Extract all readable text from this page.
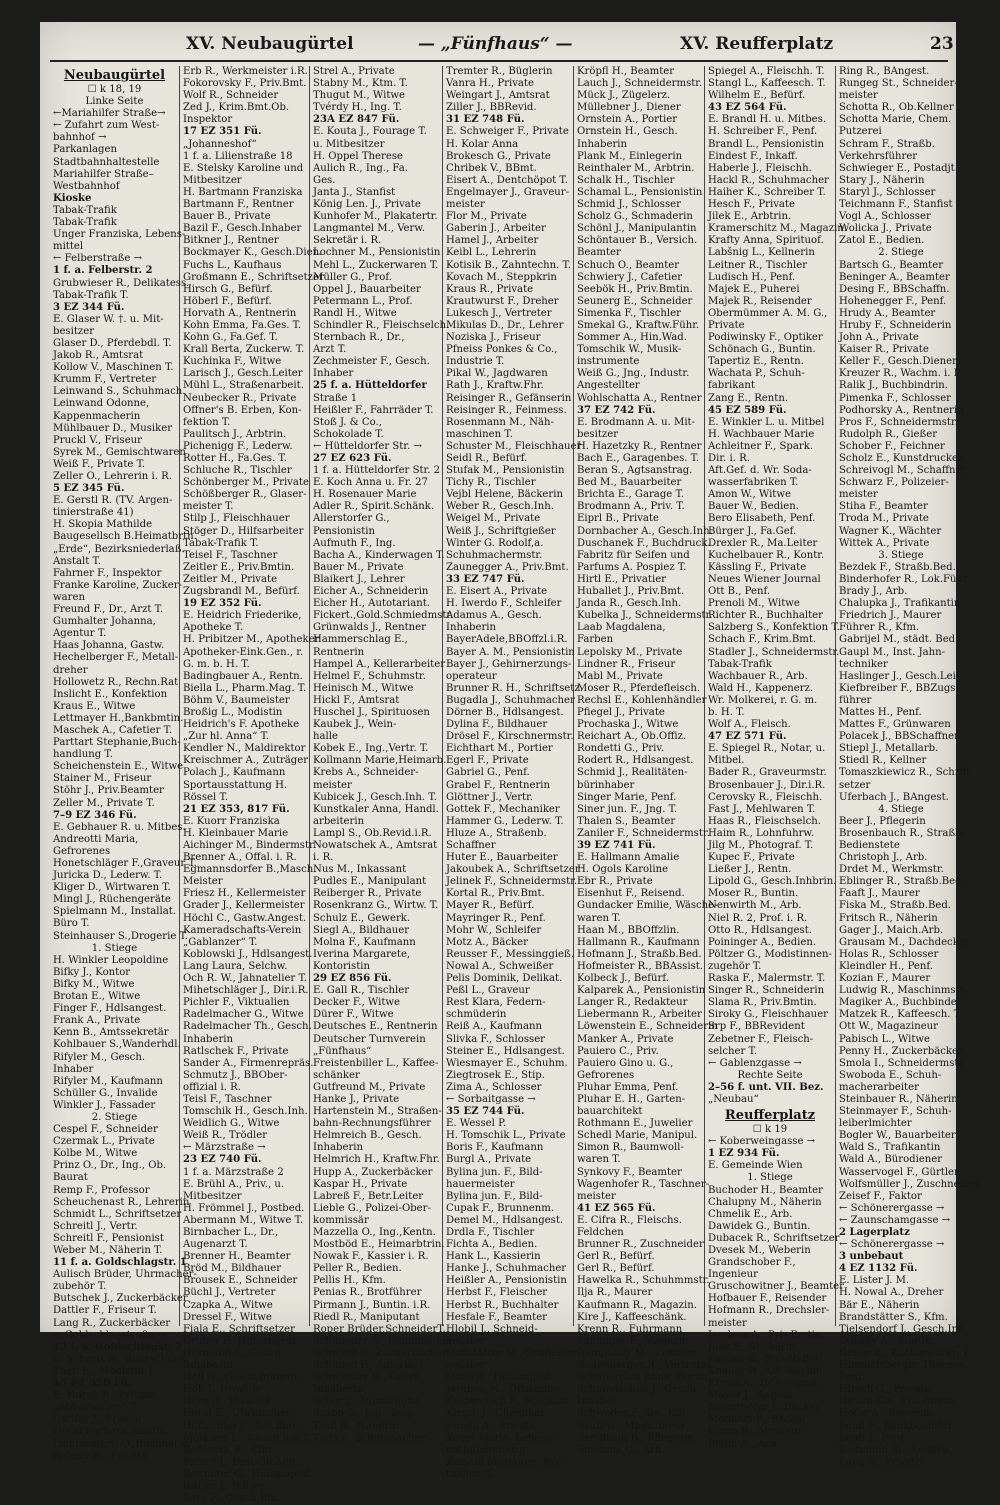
XV. Neubaugürtel	— „Fünfhaus“ —	XV. Reufferplatz	23
Neubaugürtel
☐ k 18, 19
Linke Seite
←Mariahilfer Straße→
← Zufahrt zum West-
bahnhof →
Parkanlagen
Stadtbahnhaltestelle
Mariahilfer Straße–
Westbahnhof
Kioske
Tabak-Trafik
Tabak-Trafik
Unger Franziska, Lebens-
mittel
← Felberstraße →
1 f. a. Felberstr. 2
Grubwieser R., Delikatess.
Tabak-Trafik T.
3 EZ 344 Fü.
E. Glaser W. †. u. Mit-
besitzer
Glaser D., Pferdebdl. T.
Jakob R., Amtsrat
Kollow V., Maschinen T.
Krumm F., Vertreter
Leinwand S., Schuhmach.
Leinwand Odonne,
Kappenmacherin
Mühlbauer D., Musiker
Pruckl V., Friseur
Syrek M., Gemischtwaren
Weiß F., Private T.
Zeller O., Lehrerin i. R.
5 EZ 345 Fü.
E. Gerstl R. (TV. Argen-
tinierstraße 41)
H. Skopia Mathilde
Baugesellsch B.Heimatbrtn.
„Erde“, Bezirksniederlaß.
Anstalt T.
Fahrner F., Inspektor
Franke Karoline, Zucker-
waren
Freund F., Dr., Arzt T.
Gumhalter Johanna,
Agentur T.
Haas Johanna, Gastw.
Hechelberger F., Metall-
dreher
Hollowetz R., Rechn.Rat
Inslicht E., Konfektion
Kraus E., Witwe
Lettmayer H.,Bankbmtin.
Maschek A., Cafetier T.
Parttart Stephanie,Buch-
handlung T.
Scheichenstein E., Witwe
Stainer M., Friseur
Stöhr J., Priv.Beamter
Zeller M., Private T.
7–9 EZ 346 Fü.
E. Gebhauer R. u. Mitbes.
Andreotti Maria,
Gefrorenes
Honetschläger F.,Graveur T.
Juricka D., Lederw. T.
Kliger D., Wirtwaren T.
Mingl J., Rüchengeräte
Spielmann M., Installat.
Büro T.
Steinhauser S.,Drogerie T.
1. Stiege
H. Winkler Leopoldine
Bifky J., Kontor
Bifky M., Witwe
Brotan E., Witwe
Finger F., Hdlsangest.
Frank A., Private
Kenn B., Amtssekretär
Kohlbauer S.,Wanderhdl.
Rifyler M., Gesch.
Inhaber
Rifyler M., Kaufmann
Schüller G., Invalide
Winkler J., Fassader
2. Stiege
Cespel F., Schneider
Czermak L., Private
Kolbe M., Witwe
Prinz O., Dr., Ing., Ob.
Baurat
Remp F., Professor
Scheuchenast R., Lehrerin
Schmidt L., Schriftsetzer
Schreitl J., Vertr.
Schreitl F., Pensionist
Weber M., Näherin T.
11 f. a. Goldschlagstr. 1
Aulisch Brüder, Uhrmacher-
zubehör T.
Butschek J., Zuckerbäcker
Dattler F., Friseur T.
Lang R., Zuckerbäcker
← Goldschlagstraße →
13 f. a. Goldschlagst. 2
E. Schrott A., Rohrschenk.
Then E., Modistin T.
15 EZ 350 Fü.
E. Horak R., Private
„Abbaziakino“ T.
Dattler J., Friseur
Horal Barbara, Gastw.
Lichtenstern O.,Buchhalter
Rohner R., Private
Erb R., Werkmeister i.R.
Fokorovsky F., Priv.Bmt.
Wolf R., Schneider
Zed J., Krim.Bmt.Ob.
Inspektor
17 EZ 351 Fü.
„Johanneshof“
1 f. a. Lilienstraße 18
E. Stelsky Karoline und
Mitbesitzer
H. Bartmann Franziska
Bartmann F., Rentner
Bauer B., Private
Bazil F., Gesch.Inhaber
Bitkner J., Rentner
Bockmayer K., Gesch.Dien.
Fuchs L., Kaufhaus
Großmann E., Schriftsetzer
Hirsch G., Befürf.
Höberl F., Befürf.
Horvath A., Rentnerin
Kohn Emma, Fa.Ges. T.
Kohn G., Fa.Gef. T.
Krall Berta, Zuckerw. T.
Kuchinka F., Witwe
Larisch J., Gesch.Leiter
Mühl L., Straßenarbeit.
Neubecker R., Private
Offner's B. Erben, Kon-
fektion T.
Paulitsch J., Arbtrin.
Pichenigg F., Lederw.
Rotter H., Fa.Ges. T.
Schluche R., Tischler
Schönberger M., Private
Schößberger R., Glaser-
meister T.
Stilp J., Fleischhauer
Stöger D., Hilfsarbeiter
Tabak-Trafik T.
Teisel F., Taschner
Zeitler E., Priv.Bmtin.
Zeitler M., Private
Zugsbrandl M., Befürf.
19 EZ 352 Fü.
E. Heidrich Friederike,
Apotheke T.
H. Pribitzer M., Apotheker
Apotheker-Eink.Gen., r.
G. m. b. H. T.
Badingbauer A., Rentn.
Biella L., Pharm.Mag. T.
Böhm V., Baumeister
Broßig L., Modistin
Heidrich's F. Apotheke
„Zur hl. Anna“ T.
Kendler N., Maldirektor
Kreischmer A., Zuträger
Polach J., Kaufmann
Sportausstattung H.
Rössel T.
21 EZ 353, 817 Fü.
E. Kuorr Franziska
H. Kleinbauer Marie
Aichinger M., Bindermstr.
Brenner A., Offal. i. R.
Egmannsdorfer B.,Masch.
Meister
Friesz H., Kellermeister
Grader J., Kellermeister
Höchl C., Gastw.Angest.
Kameradschafts-Verein
„Gablanzer“ T.
Koblowski J., Hdlsangest.
Lang Laura, Selchw.
Och R. W., Jahnatelier T.
Mihetschläger J., Dir.i.R.
Pichler F., Viktualien
Radelmacher G., Witwe
Radelmacher Th., Gesch.
Inhaberin
Ratlschek F., Private
Sander A., Firmenrepräs.
Schmutz J., BBOber-
offizial i. R.
Teisl F., Taschner
Tomschik H., Gesch.Inh.
Weidlich G., Witwe
Weiß R., Trödler
← Märzstraße →
23 EZ 740 Fü.
1 f. a. Märzstraße 2
E. Brühl A., Priv., u.
Mitbesitzer
H. Frömmel J., Postbed.
Abermann M., Witwe T.
Birnbacher L., Dr.,
Augenarzt T.
Brenner H., Beamter
Bröd M., Bildhauer
Brousek E., Schneider
Büchl J., Vertreter
Czapka A., Witwe
Dressel F., Witwe
Fiala E., Schriftsetzer
Gruber F., Hdlsangest.
Hermann F., Gesch.
Inhaberin
Holl A., Gesch.Inhbrin.
Holl J., Invalide
Horn A., Invalide
Horal E., Uhrmacher
Hofbichler J., Tab.Bmt.
Malawer L., Gesch.Inh.T.
Roßleska R., Kfm.
Patera J., Post-Ob.Adjt.
Reithofer G., Hdlsangest.
Rittler J., Witwe
Sora F., Gesch.Inh.
Strel A., Private
Stabny M., Ktm. T.
Thugut M., Witwe
Tvérdy H., Ing. T.
23A EZ 847 Fü.
E. Kouta J., Fourage T.
u. Mitbesitzer
H. Oppel Therese
Aulich R., Ing., Fa.
Ges.
Janta J., Stanfist
König Len. J., Private
Kunhofer M., Plakatertr.
Langmantel M., Verw.
Sekretär i. R.
Lochner M., Pensionistin
Mehl L., Zuckerwaren T.
Müller G., Prof.
Oppel J., Bauarbeiter
Petermann L., Prof.
Randl H., Witwe
Schindler R., Fleischselch.
Sternbach R., Dr.,
Arzt T.
Zechmeister F., Gesch.
Inhaber
25 f. a. Hütteldorfer
Straße 1
Heißler F., Fahrräder T.
Stoß J. & Co.,
Schokolade T.
← Hütteldorfer Str. →
27 EZ 623 Fü.
1 f. a. Hütteldorfer Str. 2
E. Koch Anna u. Fr. 27
H. Rosenauer Marie
Adler R., Spirit.Schänk.
Allerstorfer G.,
Pensionistin
Aufmuth F., Ing.
Bacha A., Kinderwagen T.
Bauer M., Private
Blaikert J., Lehrer
Eicher A., Schneiderin
Eicher H., Autotariant.
Fickert.,Gold.Schmiedmstr.
Grünwalds J., Rentner
Hammerschlag E.,
Rentnerin
Hampel A., Kellerarbeiter
Helmel F., Schuhmstr.
Heinisch M., Witwe
Hickl F., Amtsrat
Huschel J., Spirituosen
Kaubek J., Wein-
halle
Kobek E., Ing.,Vertr. T.
Kollmann Marie,Heimarb.
Krebs A., Schneider-
meister
Kubicek J., Gesch.Inh. T.
Kunstkaler Anna, Handl.
arbeiterin
Lampl S., Ob.Revid.i.R.
Nowatschek A., Amtsrat
i. R.
Nus M., Inkassant
Pudles E., Manipulant
Reiberger R., Private
Rosenkranz G., Wirtw. T.
Schulz E., Gewerk.
Siegl A., Bildhauer
Molna F., Kaufmann
Iverina Margarete,
Kontoristin
29 EZ 856 Fü.
E. Gall R., Tischler
Decker F., Witwe
Dürer F., Witwe
Deutsches E., Rentnerin
Deutscher Turnverein
„Fünfhaus“
Freistenbiller L., Kaffee-
schänker
Gutfreund M., Private
Hanke J., Private
Hartenstein M., Straßen-
bahn-Rechnungsführer
Helmreich B., Gesch.
Inhaberin
Helmrich H., Kraftw.Fhr.
Hupp A., Zuckerbäcker
Kaspar H., Private
Labreß F., Betr.Leiter
Lieble G., Polizei-Ober-
kommissär
Mazzella O., Ing.,Kentn.
Mostböd E., Heimarbtrin.
Nowak F., Kassier i. R.
Peller R., Bedien.
Pellis H., Kfm.
Penias R., Brotführer
Pirmann J., Buntin. i.R.
Riedl R., Maniputant
Roper Brüder,SchneiderT.
Schmieder A., Bandmacher
Schmied F., Zuckerbäcker
Schmied F., Autoriker
Schmieder W., Gesch.
Inhaberin
Schor J., Turnschuhe
Szabo O., Jug., Insp.
Tasil R., Näherin
Tiefa J., Schuhmacher
Tremter R., Büglerin
Vanra H., Private
Weingart J., Amtsrat
Ziller J., BBRevid.
31 EZ 748 Fü.
E. Schweiger F., Private
H. Kolar Anna
Brokesch G., Private
Chribek V., BBmt.
Eisert A., Dentchöpot T.
Engelmayer J., Graveur-
meister
Flor M., Private
Gaberin J., Arbeiter
Hamel J., Arbeiter
Keibl L., Lehrerin
Kotisik B., Zahntechn. T.
Kovach M., Steppkrin
Kraus R., Private
Krautwurst F., Dreher
Lukesch J., Vertreter
Mikulas D., Dr., Lehrer
Noziska J., Friseur
Pfneiss Ponkes & Co.,
Industrie T.
Pikal W., Jagdwaren
Rath J., Kraftw.Fhr.
Reisinger R., Gefänserin
Reisinger R., Feinmess.
Rosenmann M., Näh-
maschinen T.
Schuster M., Fleischhauer
Seidl R., Befürf.
Stufak M., Pensionistin
Tichy R., Tischler
Vejbl Helene, Bäckerin
Weber R., Gesch.Inh.
Weigel M., Private
Weiß J., Schriftgießer
Winter G. Rodolf,a.
Schuhmachermstr.
Zaunegger A., Priv.Bmt.
33 EZ 747 Fü.
E. Eisert A., Private
H. Iwerdo F., Schleifer
Adamus A., Gesch.
Inhaberin
BayerAdele,BBOffzl.i.R.
Bayer A. M., Pensionistin
Bayer J., Gehirnerzungs-
operateur
Brunner R. H., Schriftsetz.
Bugadla J., Schuhmacher
Dörner B., Hdlsangest.
Dylina F., Bildhauer
Drösel F., Kirschnermstr.
Eichthart M., Portier
Egerl F., Private
Gabriel G., Penf.
Grabel F., Rentnerin
Glöttner J., Vertr.
Gottek F., Mechaniker
Hammer G., Lederw. T.
Hluze A., Straßenb.
Schaffner
Huter E., Bauarbeiter
Jakoubek A., Schriftsetzer
Jelinek F., Schneidermstr.
Kortal R., Priv.Bmt.
Mayer R., Befürf.
Mayringer R., Penf.
Mohr W., Schleifer
Motz A., Bäcker
Reusser F., Messinggieß.
Nowal A., Schweißer
Pelis Dominik, Delikat.
Peßl L., Graveur
Rest Klara, Federn-
schmüderin
Reiß A., Kaufmann
Slivka F., Schlosser
Steiner E., Hdlsangest.
Wiesmayer E., Schuhm.
Ziegtrosek E., Stip.
Zima A., Schlosser
← Sorbaitgasse →
35 EZ 744 Fü.
E. Wessel P.
H. Tomschik L., Private
Boris F., Kaufmann
Burgl A., Private
Bylina jun. F., Bild-
hauermeister
Bylina jun. F., Bild-
Cupak F., Brunnenm.
Demel M., Hdlsangest.
Drdla F., Tischler
Fichta A., Bedien.
Hank L., Kassierin
Hanke J., Schuhmacher
Heißler A., Pensionistin
Herbst F., Fleischer
Herbst R., Buchhalter
Hesfale F., Beamter
Hlobil J., Schneid-
meister
Hoffstätter M., Schneider-
meister
Höne A., Hdlsangest.
Jerabek M., Orbamme
Keiderelsch F., Magazin.
Kirsch J., Chemiker
Kmehl A., Private
Kögel Marie, Lebens-
mittelhändlerin
Kotschi Marianne, Bik-
tualien T.
Kröpfl H., Beamter
Lauch J., Schneidermstr.
Mück J., Zügelerz.
Müllebner J., Diener
Ornstein A., Portier
Ornstein H., Gesch.
Inhaberin
Plank M., Einlegerin
Reinthaler M., Arbtrin.
Schalk H., Tischler
Schamal L., Pensionistin
Schmid J., Schlosser
Scholz G., Schmaderin
Schönl J., Manipulantin
Schöntauer B., Versich.
Beamter
Schuch O., Beamter
Schwiery J., Cafetier
Seebök H., Priv.Bmtin.
Seunerg E., Schneider
Simenka F., Tischler
Smekal G., Kraftw.Führ.
Sommer A., Hin.Wad.
Tomschik W., Musik-
instrumente
Weiß G., Jng., Industr.
Angestellter
Wohlschatta A., Rentner
37 EZ 742 Fü.
E. Brodmann A. u. Mit-
besitzer
H. Hazetzky R., Rentner
Bach E., Garagenbes. T.
Beran S., Agtsanstrag.
Bed M., Bauarbeiter
Brichta E., Garage T.
Brodmann A., Priv. T.
Eiprl B., Private
Dornbacher A., Gesch.Inh.
Duschanek F., Buchdruck.
Fabritz für Seifen und
Parfums A. Pospiez T.
Hirtl E., Privatier
Huballet J., Priv.Bmt.
Janda R., Gesch.Inh.
Kubelka J., Schneidermstr.
Laab Magdalena,
Farben
Lepolsky M., Private
Lindner R., Friseur
Mabl M., Private
Moser R., Pferdefleisch.
Rechsl E., Kohlenhändler
Pfiegel J., Private
Prochaska J., Witwe
Reichart A., Ob.Offiz.
Rondetti G., Priv.
Rodert R., Hdlsangest.
Schmid J., Realitäten-
bürinhaber
Singer Marie, Penf.
Siner jun. F., Jng. T.
Thalen S., Beamter
Zaniler F., Schneidermstr.
39 EZ 741 Fü.
E. Hallmann Amalie
H. Ogols Karoline
Ebr R., Private
Eisenhut F., Reisend.
Gundacker Emilie, Wäsche-
waren T.
Haan M., BBOffzlin.
Hallmann R., Kaufmann
Hofmann J., Straßb.Bed.
Hofmeister R., BBAssist.
Kolbeck J., Befürf.
Kalparek A., Pensionistin
Langer R., Redakteur
Liebermann R., Arbeiter
Löwenstein E., Schneiderin
Manker A., Private
Pauiero C., Priv.
Pauiero Gino u. G.,
Gefrorenes
Pluhar Emma, Penf.
Pluhar E. H., Garten-
bauarchitekt
Rothmann E., Juwelier
Schedl Marie, Manipul.
Simon R., Baumwoll-
waren T.
Synkovy F., Beamter
Wagenhofer R., Taschner-
meister
41 EZ 565 Fü.
E. Cifra R., Fleischs.
Feldchen
Brunner R., Zuschneider
Gerl R., Befürf.
Gerl R., Befürf.
Hawelka R., Schuhmmstr.
Ilja R., Maurer
Kaufmann R., Magazin.
Kire J., Kaffeeschänk.
Krenn R., Fuhrmann
Laminger F., Magazin.
Rampoudy M., Tischler
Redenberger R., Vertreter
Schäberdick Anna, Berst.
Schimetschek J., Gesch.
Inhaber
Schwoder F., Dr., Kin
Seidl W., Magazineur
Semlitsch B., Pflegerin
Smetana G., Arb.
Spiegel A., Fleischh. T.
Stangl L., Kaffeesch. T.
Wilhelm E., Befürf.
43 EZ 564 Fü.
E. Brandl H. u. Mitbes.
H. Schreiber F., Penf.
Brandl L., Pensionistin
Eindest F., Inkaff.
Haberle J., Fleischh.
Hackl R., Schuhmacher
Haiher K., Schreiber T.
Hesch F., Private
Jilek E., Arbtrin.
Kramerschitz M., Magazin.
Krafty Anna, Spirituof.
Labšnig L., Kellnerin
Leitner R., Tischler
Ludisch H., Penf.
Majek E., Puherei
Majek R., Reisender
Obermümmer A. M. G.,
Private
Podiwinsky F., Optiker
Schönach G., Buntin.
Tapertiz E., Rentn.
Wachata P., Schuh-
fabrikant
Zang E., Rentn.
45 EZ 589 Fü.
E. Winkler L. u. Mitbel
H. Wachbauer Marie
Achleitner F., Spark.
Dir. i. R.
Aft.Gef. d. Wr. Soda-
wasserfabriken T.
Amon W., Witwe
Bauer W., Bedien.
Bero Elisabeth, Penf.
Bürger J., Fa.Gef.
Drexler R., Ma.Leiter
Kuchelbauer R., Kontr.
Kässling F., Private
Neues Wiener Journal
Ott B., Penf.
Prenoli M., Witwe
Richter R., Buchhalter
Salzberg S., Konfektion T.
Schach F., Krim.Bmt.
Stadler J., Schneidermstr.
Tabak-Trafik
Wachbauer R., Arb.
Wald H., Kappenerz.
Wr. Molkerei, r. G. m.
b. H. T.
Wolf A., Fleisch.
47 EZ 571 Fü.
E. Spiegel R., Notar, u.
Mitbel.
Bader R., Graveurmstr.
Brosenbauer J., Dir.i.R.
Cerovsky R., Fleischh.
Fast J., Mehlwaren T.
Haas R., Fleischselch.
Haim R., Lohnfuhrw.
Jilg M., Photograf. T.
Kupec F., Private
Ließer J., Rentn.
Lipold G., Gesch.Inhbrin.
Moser R., Buntin.
Nenwirth M., Arb.
Niel R. 2, Prof. i. R.
Otto R., Hdlsangest.
Poininger A., Bedien.
Pöltzer G., Modistinnen-
zugehör T.
Raska F., Malermstr. T.
Singer R., Schneiderin
Slama R., Priv.Bmtin.
Siroky G., Fleischhauer
Srp F., BBRevident
Zebetner F., Fleisch-
selcher T.
← Gablenzgasse →
Rechte Seite
2–56 f. unt. VII. Bez.
„Neubau“
Reufferplatz
☐ k 19
← Koberweingasse →
1 EZ 934 Fü.
E. Gemeinde Wien
1. Stiege
Buchoder H., Beamter
Chalupny M., Näherin
Chmelik E., Arb.
Dawidek G., Buntin.
Dubacek R., Schriftsetzer
Dvesek M., Weberin
Grandschober F.,
Ingenieur
Gruschowitner J., Beamter
Hofbauer F., Reisender
Hofmann R., Drechsler-
meister
Jandera A., Priv.Bmtin.
Jilek F., Stickerin
Kaplan G., Straßb.Bed.
Knauer H., Ob.Wachm.
Krenn A., Hdlsangest.
Mayer J., Angest.
Mayerhöfer J., Bäcker
Monhart F., Bäcker
Pfann R., Monteur
Pfann A., Arb.
Ring R., BAngest.
Rungeg St., Schneider-
meister
Schotta R., Ob.Kellner
Schotta Marie, Chem.
Putzerei
Schram F., Straßb.
Verkehrsführer
Schwieger E., Postadjt.
Stary J., Näherin
Staryl J., Schlosser
Teichmann F., Stanfist
Vogl A., Schlosser
Wolicka J., Private
Zatol E., Bedien.
2. Stiege
Bartsch G., Beamter
Beninger A., Beamter
Desing F., BBSchaffn.
Hohenegger F., Penf.
Hrudy A., Beamter
Hruby F., Schneiderin
John A., Private
Kaiser R., Private
Keller F., Gesch.Diener
Kreuzer R., Wachm. i. P.
Ralik J., Buchbindrin.
Pimenka F., Schlosser
Podhorsky A., Rentnerin
Pros F., Schneidermstr.
Rudolph R., Gießer
Schober F., Feichner
Scholz E., Kunstdrucker
Schreivogl M., Schaffner
Schwarz F., Polizeier-
meister
Stiha F., Beamter
Troda M., Private
Wagner K., Wächter
Wittek A., Private
3. Stiege
Bezdek F., Straßb.Bed.
Binderhofer R., Lok.Führ.
Brady J., Arb.
Chalupka J., Trafikantin
Friedrich J., Maurer
Führer R., Kfm.
Gabrijel M., städt. Bed.
Gaupl M., Inst. Jahn-
techniker
Haslinger J., Gesch.Leit.
Kiefbreiber F., BBZugs-
führer
Mattes H., Penf.
Mattes F., Grünwaren
Polacek J., BBSchaffner
Stiepl J., Metallarb.
Stiedl R., Kellner
Tomaszkiewicz R., Schrift-
setzer
Uferbach J., BAngest.
4. Stiege
Beer J., Pflegerin
Brosenbauch R., Straßb.
Bedienstete
Christoph J., Arb.
Drdet M., Werkmstr.
Eblinger R., Straßb.Bed.
Faaft J., Maurer
Fiska M., Straßb.Bed.
Fritsch R., Näherin
Gager J., Maich.Arb.
Grausam M., Dachdecker
Holas R., Schlosser
Kleindler H., Penf.
Kozian F., Maurer
Ludwig R., Maschinmstr.
Magiker A., Buchbinder
Matzek R., Kaffeesch. T.
Ott W., Magazineur
Pabisch L., Witwe
Penny H., Zuckerbäcker
Smola I., Schneidermstr.
Swoboda E., Schuh-
macherarbeiter
Steinbauer R., Näherin
Steinmayer F., Schuh-
leiberlmichter
Bogler W., Bauarbeiter
Wald S., Trafikantin
Wald A., Bürodiener
Wasservogel F., Gürtler
Wolfsmüller J., Zuschneider
Zeisef F., Faktor
← Schönerergasse →
← Zaunschamgasse →
2 Lagerplatz
← Schönerergasse →
3 unbebaut
4 EZ 1132 Fü.
E. Lister J. M.
H. Nowal A., Dreher
Bär E., Näherin
Brandstätter S., Kfm.
Tielsendorf J., Gesch.Inh.
Dubsky A., Buntin.
Geber K., Zuckerwaren T.
Himmelsberger Therese,
Penf.
Hirsch G., Private
Hirsch Ch., Priv.Bmtin.
Hofer A., Reisend.
Jandl F., Bankbeamter
Jandl J., Penf.
Kiefmann St., Lederw.
Lang A., Private
